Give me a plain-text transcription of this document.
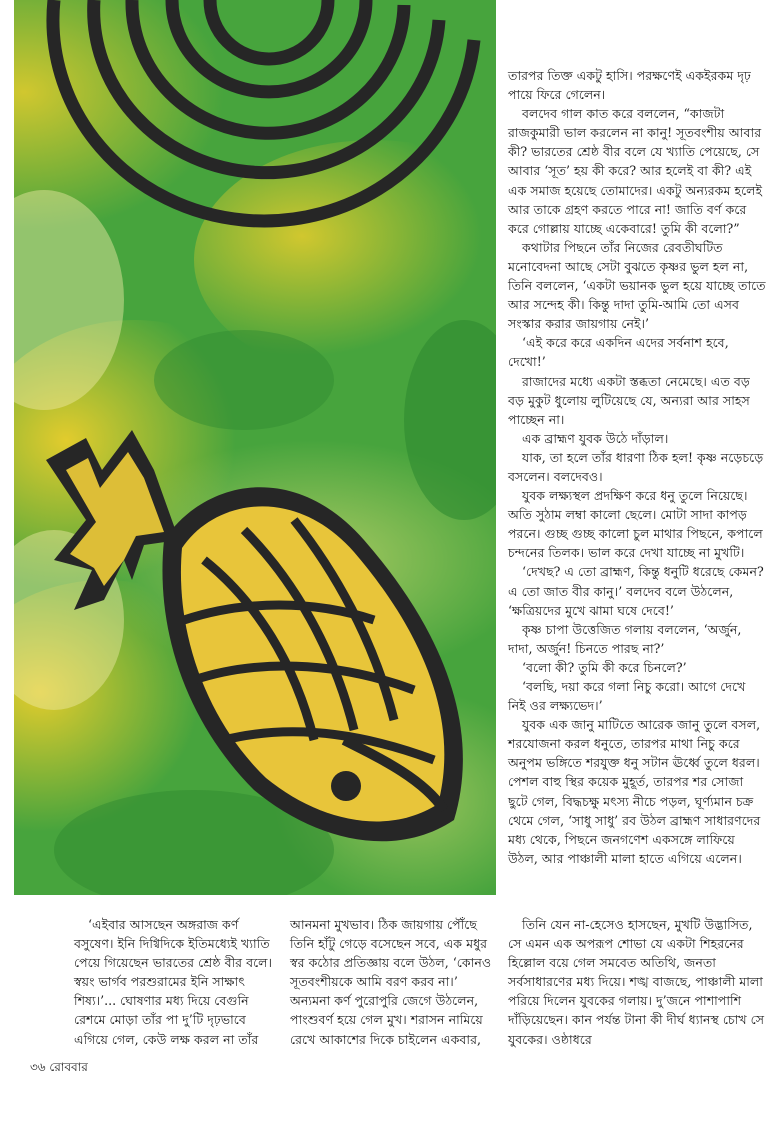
তারপর তিক্ত একটু হাসি। পরক্ষণেই একইরকম দৃঢ় পায়ে ফিরে গেলেন।

বলদেব গাল কাত করে বললেন, “কাজটা রাজকুমারী ভাল করলেন না কানু! সূতবংশীয় আবার কী? ভারতের শ্রেষ্ঠ বীর বলে যে খ্যাতি পেয়েছে, সে আবার ‘সূত’ হয় কী করে? আর হলেই বা কী? এই এক সমাজ হয়েছে তোমাদের। একটু অন্যরকম হলেই আর তাকে গ্রহণ করতে পারে না! জাতি বর্ণ করে করে গোল্লায় যাচ্ছে একেবারে! তুমি কী বলো?”

কথাটার পিছনে তাঁর নিজের রেবতীঘটিত মনোবেদনা আছে সেটা বুঝতে কৃষ্ণর ভুল হল না, তিনি বললেন, ‘একটা ভয়ানক ভুল হয়ে যাচ্ছে তাতে আর সন্দেহ কী। কিন্তু দাদা তুমি-আমি তো এসব সংস্কার করার জায়গায় নেই।’

‘এই করে করে একদিন এদের সর্বনাশ হবে, দেখো!’

রাজাদের মধ্যে একটা স্তব্ধতা নেমেছে। এত বড় বড় মুকুট ধুলোয় লুটিয়েছে যে, অন্যরা আর সাহস পাচ্ছেন না।

এক ব্রাহ্মণ যুবক উঠে দাঁড়াল।

যাক, তা হলে তাঁর ধারণা ঠিক হল! কৃষ্ণ নড়েচড়ে বসলেন। বলদেবও।

যুবক লক্ষ্যস্থল প্রদক্ষিণ করে ধনু তুলে নিয়েছে। অতি সুঠাম লম্বা কালো ছেলে। মোটা সাদা কাপড় পরনে। গুচ্ছ গুচ্ছ কালো চুল মাথার পিছনে, কপালে চন্দনের তিলক। ভাল করে দেখা যাচ্ছে না মুখটি।

‘দেখছ? এ তো ব্রাহ্মণ, কিন্তু ধনুটি ধরেছে কেমন? এ তো জাত বীর কানু।’ বলদেব বলে উঠলেন, ‘ক্ষত্রিয়দের মুখে ঝামা ঘষে দেবে!’

কৃষ্ণ চাপা উত্তেজিত গলায় বললেন, ‘অর্জুন, দাদা, অর্জুন! চিনতে পারছ না?’

‘বলো কী? তুমি কী করে চিনলে?’

‘বলছি, দয়া করে গলা নিচু করো। আগে দেখে নিই ওর লক্ষ্যভেদ।’

যুবক এক জানু মাটিতে আরেক জানু তুলে বসল, শরযোজনা করল ধনুতে, তারপর মাথা নিচু করে অনুপম ভঙ্গিতে শরযুক্ত ধনু সটান ঊর্ধ্বে তুলে ধরল। পেশল বাহু স্থির কয়েক মুহূর্ত, তারপর শর সোজা ছুটে গেল, বিদ্ধচক্ষু মৎস্য নীচে পড়ল, ঘূর্ণ্যমান চক্র থেমে গেল, ‘সাধু সাধু’ রব উঠল ব্রাহ্মণ সাধারণদের মধ্য থেকে, পিছনে জনগণেশ একসঙ্গে লাফিয়ে উঠল, আর পাঞ্চালী মালা হাতে এগিয়ে এলেন।

‘এইবার আসছেন অঙ্গরাজ কর্ণ বসুষেণ। ইনি দিগ্বিদিকে ইতিমধ্যেই খ্যাতি পেয়ে গিয়েছেন ভারতের শ্রেষ্ঠ বীর বলে। স্বয়ং ভার্গব পরশুরামের ইনি সাক্ষাৎ শিষ্য।’... ঘোষণার মধ্য দিয়ে বেগুনি রেশমে মোড়া তাঁর পা দু’টি দৃঢ়ভাবে এগিয়ে গেল, কেউ লক্ষ করল না তাঁর

আনমনা মুখভাব। ঠিক জায়গায় পৌঁছে তিনি হাঁটু গেড়ে বসেছেন সবে, এক মধুর স্বর কঠোর প্রতিজ্ঞায় বলে উঠল, ‘কোনও সূতবংশীয়কে আমি বরণ করব না।’ অন্যমনা কর্ণ পুরোপুরি জেগে উঠলেন, পাংশুবর্ণ হয়ে গেল মুখ। শরাসন নামিয়ে রেখে আকাশের দিকে চাইলেন একবার,

তিনি যেন না-হেসেও হাসছেন, মুখটি উদ্ভাসিত, সে এমন এক অপরূপ শোভা যে একটা শিহরনের হিল্লোল বয়ে গেল সমবেত অতিথি, জনতা সর্বসাধারণের মধ্য দিয়ে। শঙ্খ বাজছে, পাঞ্চালী মালা পরিয়ে দিলেন যুবকের গলায়। দু’জনে পাশাপাশি দাঁড়িয়েছেন। কান পর্যন্ত টানা কী দীর্ঘ ধ্যানস্থ চোখ সে যুবকের। ওষ্ঠাধরে

৩৬ রোববার
